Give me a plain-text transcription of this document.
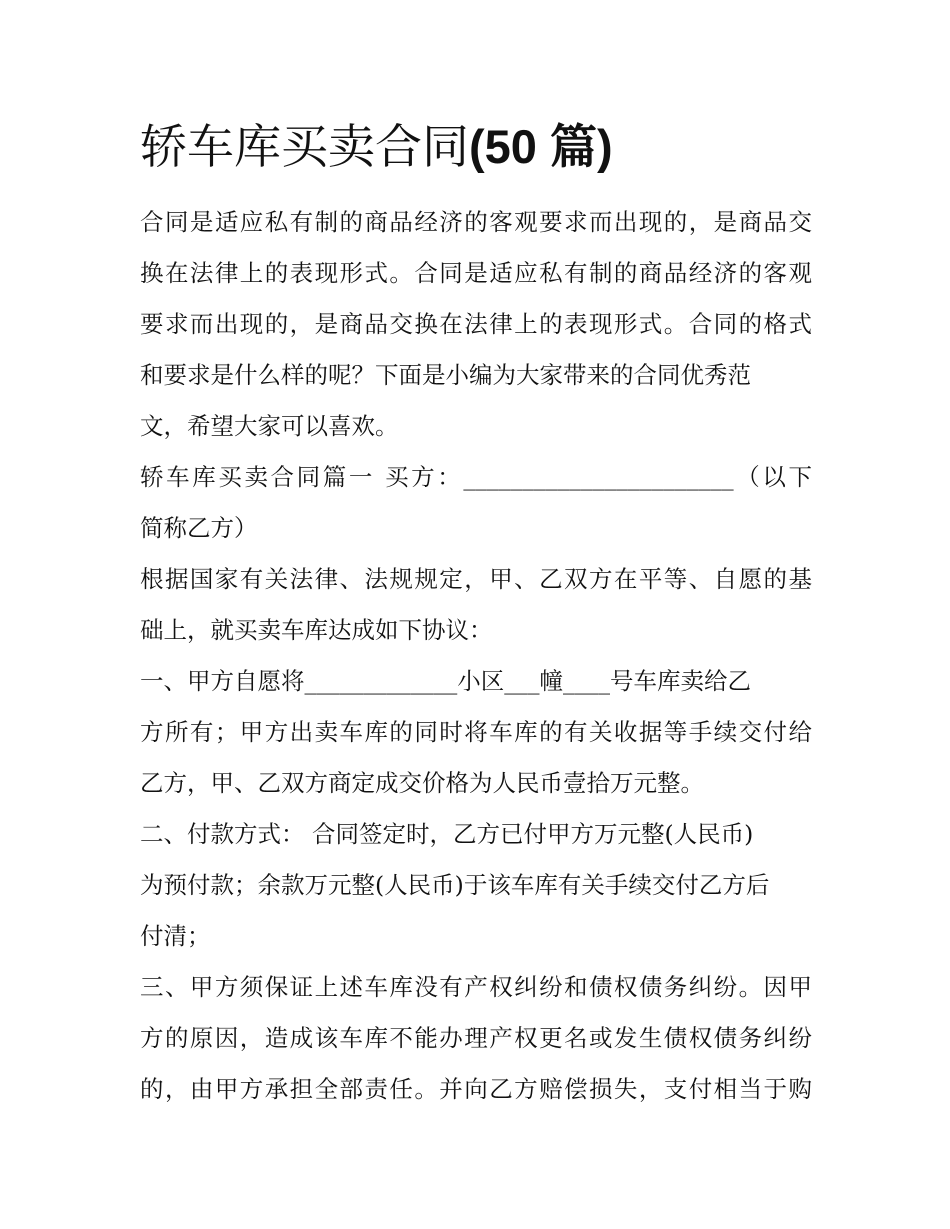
轿车库买卖合同(50 篇)
合同是适应私有制的商品经济的客观要求而出现的，是商品交
换在法律上的表现形式。合同是适应私有制的商品经济的客观
要求而出现的，是商品交换在法律上的表现形式。合同的格式
和要求是什么样的呢？下面是小编为大家带来的合同优秀范
文，希望大家可以喜欢。
轿车库买卖合同篇一 买方：_______________________（以下
简称乙方）
根据国家有关法律、法规规定，甲、乙双方在平等、自愿的基
础上，就买卖车库达成如下协议：
一、甲方自愿将_____________小区___幢____号车库卖给乙
方所有；甲方出卖车库的同时将车库的有关收据等手续交付给
乙方，甲、乙双方商定成交价格为人民币壹拾万元整。
二、付款方式： 合同签定时，乙方已付甲方万元整(人民币)
为预付款；余款万元整(人民币)于该车库有关手续交付乙方后
付清；
三、甲方须保证上述车库没有产权纠纷和债权债务纠纷。因甲
方的原因，造成该车库不能办理产权更名或发生债权债务纠纷
的，由甲方承担全部责任。并向乙方赔偿损失，支付相当于购
